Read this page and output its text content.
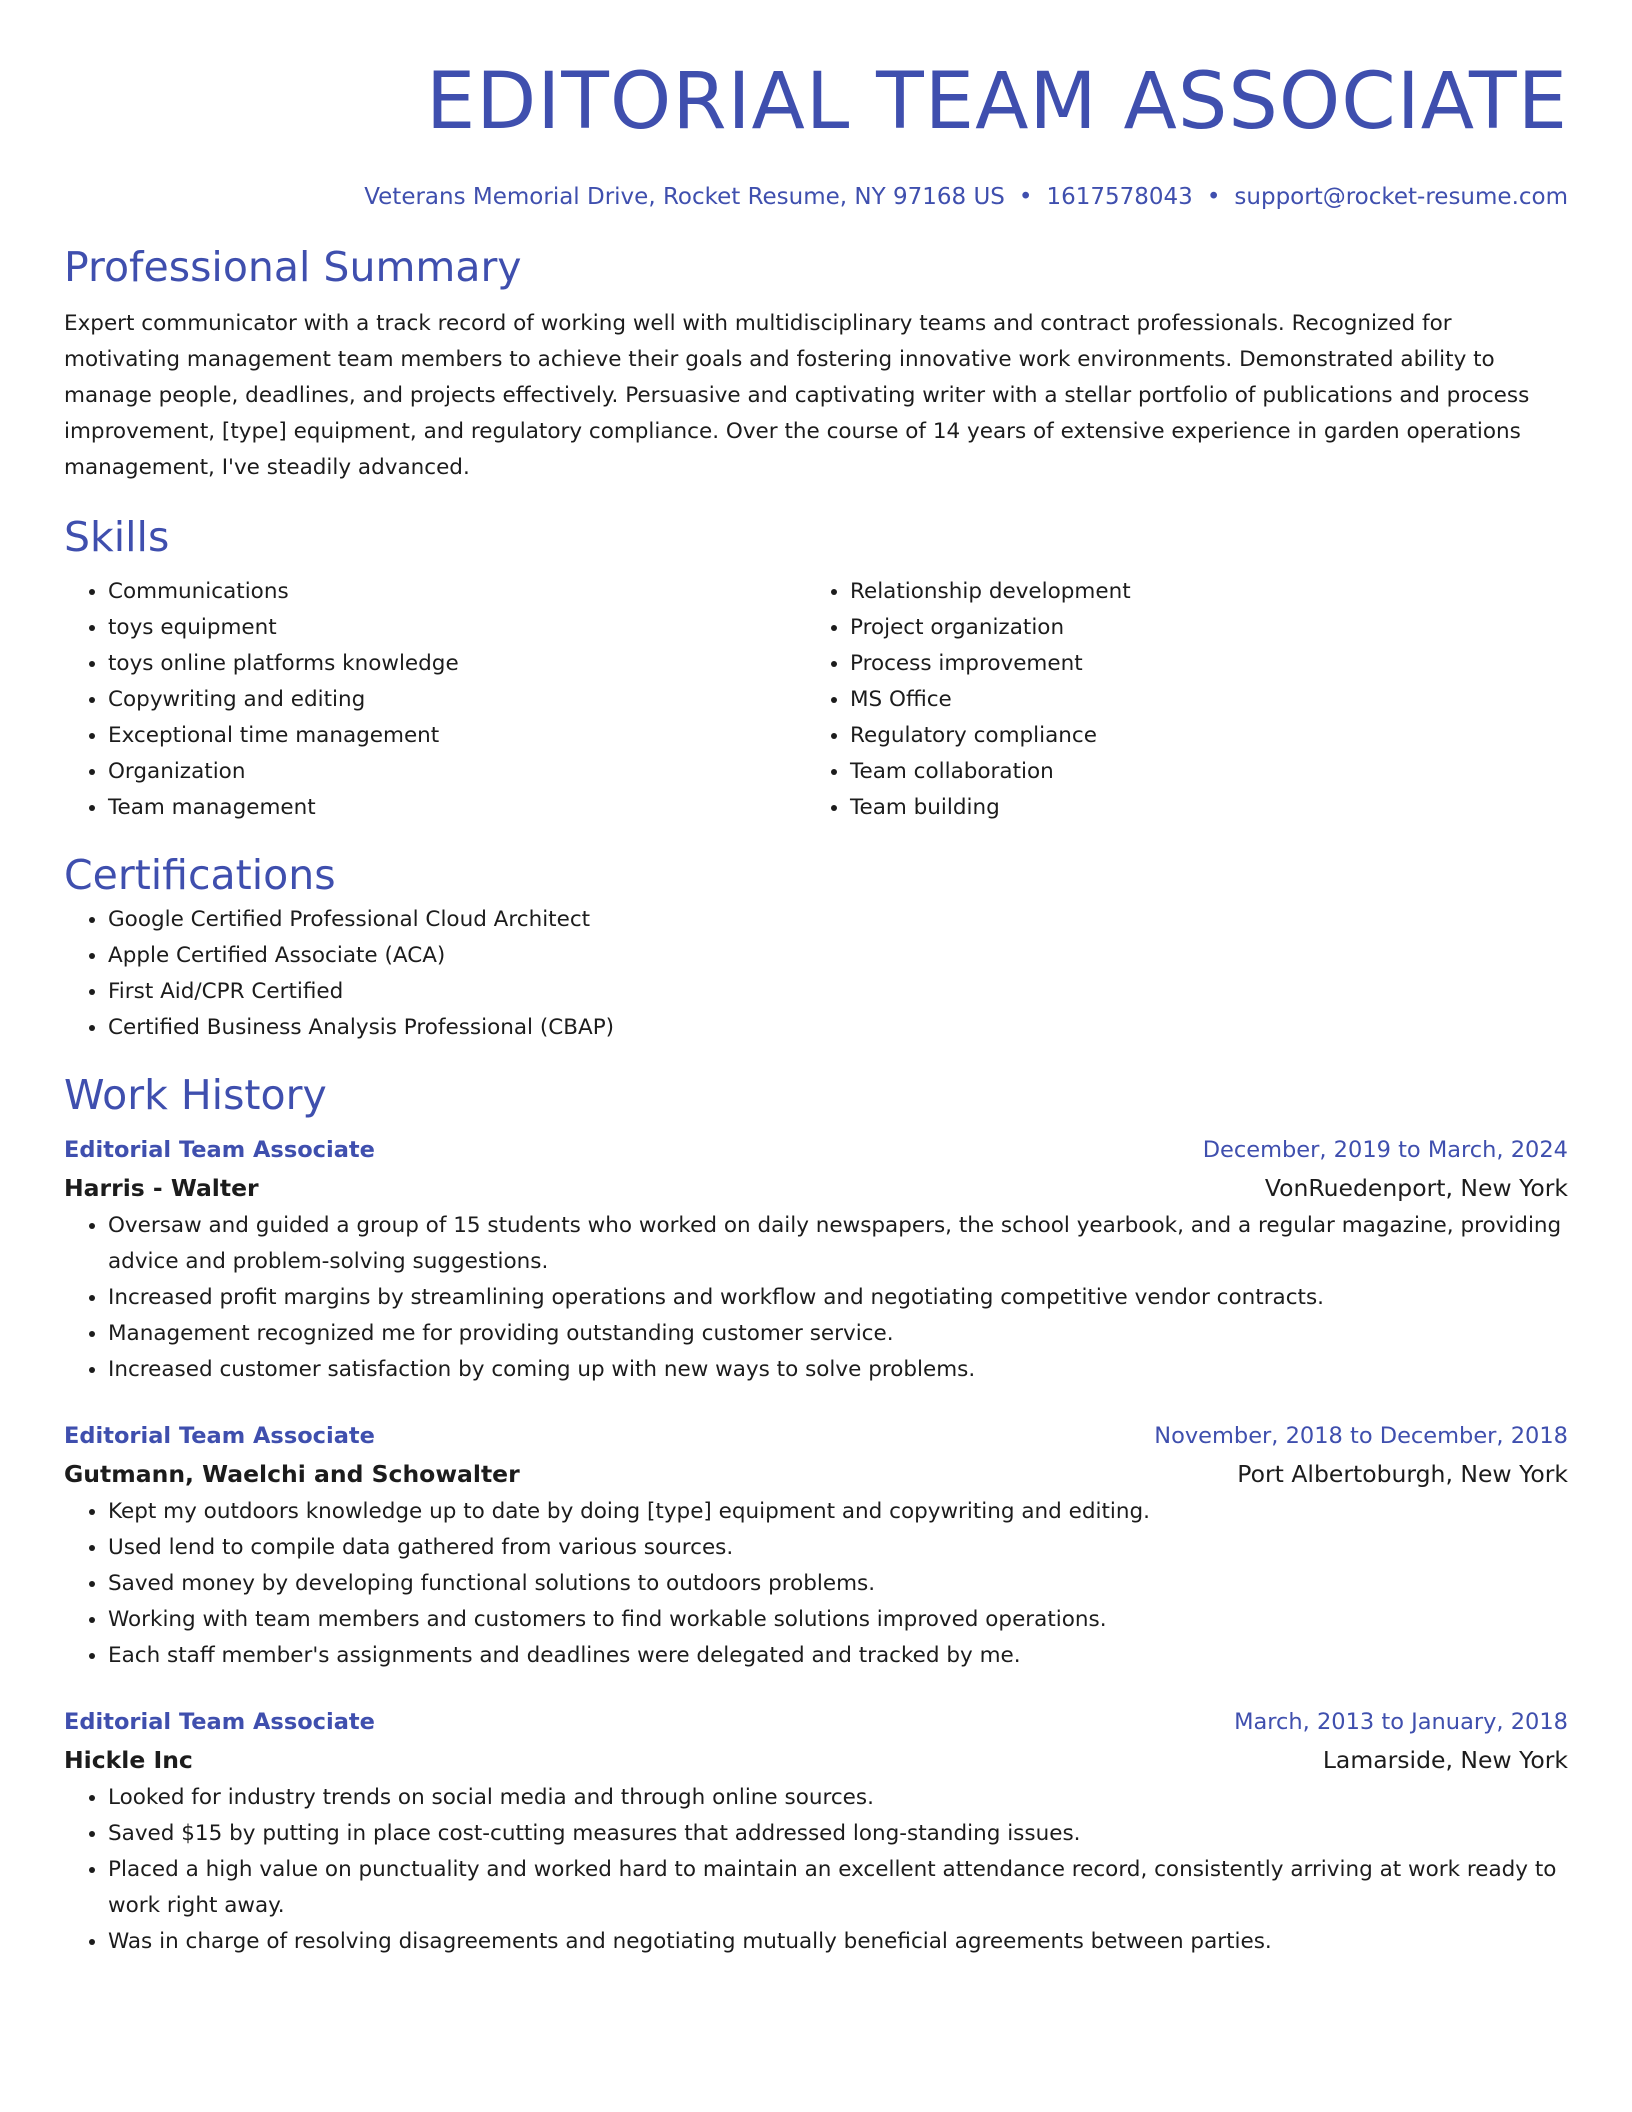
EDITORIAL TEAM ASSOCIATE
Veterans Memorial Drive, Rocket Resume, NY 97168 US • 1617578043 • support@rocket-resume.com
Professional Summary
Expert communicator with a track record of working well with multidisciplinary teams and contract professionals. Recognized for motivating management team members to achieve their goals and fostering innovative work environments. Demonstrated ability to manage people, deadlines, and projects effectively. Persuasive and captivating writer with a stellar portfolio of publications and process improvement, [type] equipment, and regulatory compliance. Over the course of 14 years of extensive experience in garden operations management, I've steadily advanced.
Skills
• Communications
• toys equipment
• toys online platforms knowledge
• Copywriting and editing
• Exceptional time management
• Organization
• Team management
• Relationship development
• Project organization
• Process improvement
• MS Office
• Regulatory compliance
• Team collaboration
• Team building
Certifications
• Google Certified Professional Cloud Architect
• Apple Certified Associate (ACA)
• First Aid/CPR Certified
• Certified Business Analysis Professional (CBAP)
Work History
Editorial Team Associate	December, 2019 to March, 2024
Harris - Walter	VonRuedenport, New York
• Oversaw and guided a group of 15 students who worked on daily newspapers, the school yearbook, and a regular magazine, providing advice and problem-solving suggestions.
• Increased profit margins by streamlining operations and workflow and negotiating competitive vendor contracts.
• Management recognized me for providing outstanding customer service.
• Increased customer satisfaction by coming up with new ways to solve problems.
Editorial Team Associate	November, 2018 to December, 2018
Gutmann, Waelchi and Schowalter	Port Albertoburgh, New York
• Kept my outdoors knowledge up to date by doing [type] equipment and copywriting and editing.
• Used lend to compile data gathered from various sources.
• Saved money by developing functional solutions to outdoors problems.
• Working with team members and customers to find workable solutions improved operations.
• Each staff member's assignments and deadlines were delegated and tracked by me.
Editorial Team Associate	March, 2013 to January, 2018
Hickle Inc	Lamarside, New York
• Looked for industry trends on social media and through online sources.
• Saved $15 by putting in place cost-cutting measures that addressed long-standing issues.
• Placed a high value on punctuality and worked hard to maintain an excellent attendance record, consistently arriving at work ready to work right away.
• Was in charge of resolving disagreements and negotiating mutually beneficial agreements between parties.
